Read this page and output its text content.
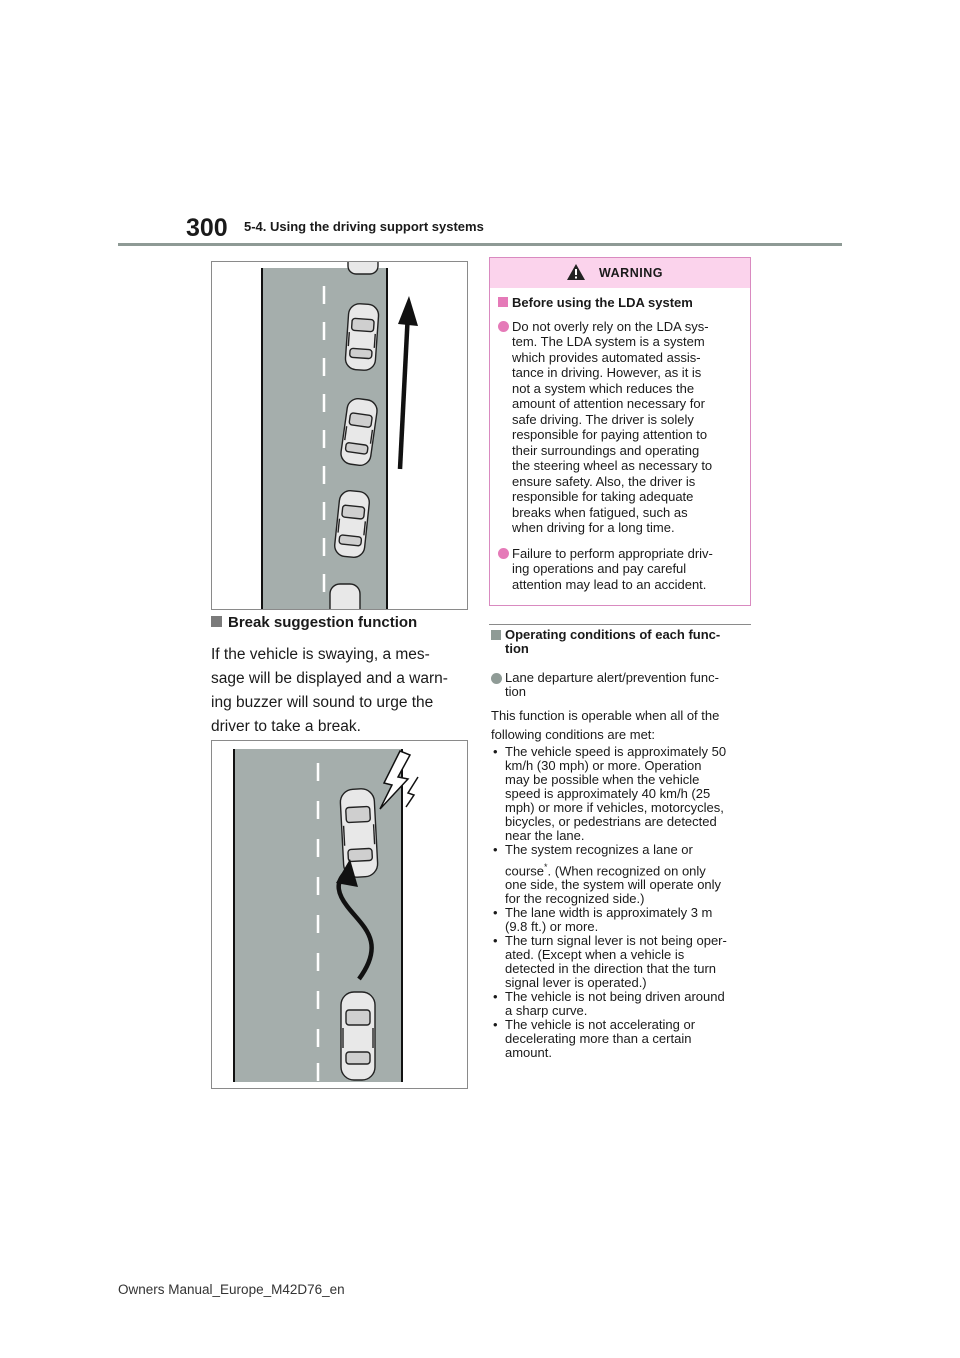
300 5-4. Using the driving support systems
Break suggestion function
If the vehicle is swaying, a mes-
sage will be displayed and a warn-
ing buzzer will sound to urge the
driver to take a break.
WARNING
Before using the LDA system
Do not overly rely on the LDA sys-
tem. The LDA system is a system
which provides automated assis-
tance in driving. However, as it is
not a system which reduces the
amount of attention necessary for
safe driving. The driver is solely
responsible for paying attention to
their surroundings and operating
the steering wheel as necessary to
ensure safety. Also, the driver is
responsible for taking adequate
breaks when fatigued, such as
when driving for a long time.
Failure to perform appropriate driv-
ing operations and pay careful
attention may lead to an accident.
Operating conditions of each func-
tion
Lane departure alert/prevention func-
tion
This function is operable when all of the
following conditions are met:
• The vehicle speed is approximately 50
km/h (30 mph) or more. Operation
may be possible when the vehicle
speed is approximately 40 km/h (25
mph) or more if vehicles, motorcycles,
bicycles, or pedestrians are detected
near the lane.
• The system recognizes a lane or
course*. (When recognized on only
one side, the system will operate only
for the recognized side.)
• The lane width is approximately 3 m
(9.8 ft.) or more.
• The turn signal lever is not being oper-
ated. (Except when a vehicle is
detected in the direction that the turn
signal lever is operated.)
• The vehicle is not being driven around
a sharp curve.
• The vehicle is not accelerating or
decelerating more than a certain
amount.
Owners Manual_Europe_M42D76_en
